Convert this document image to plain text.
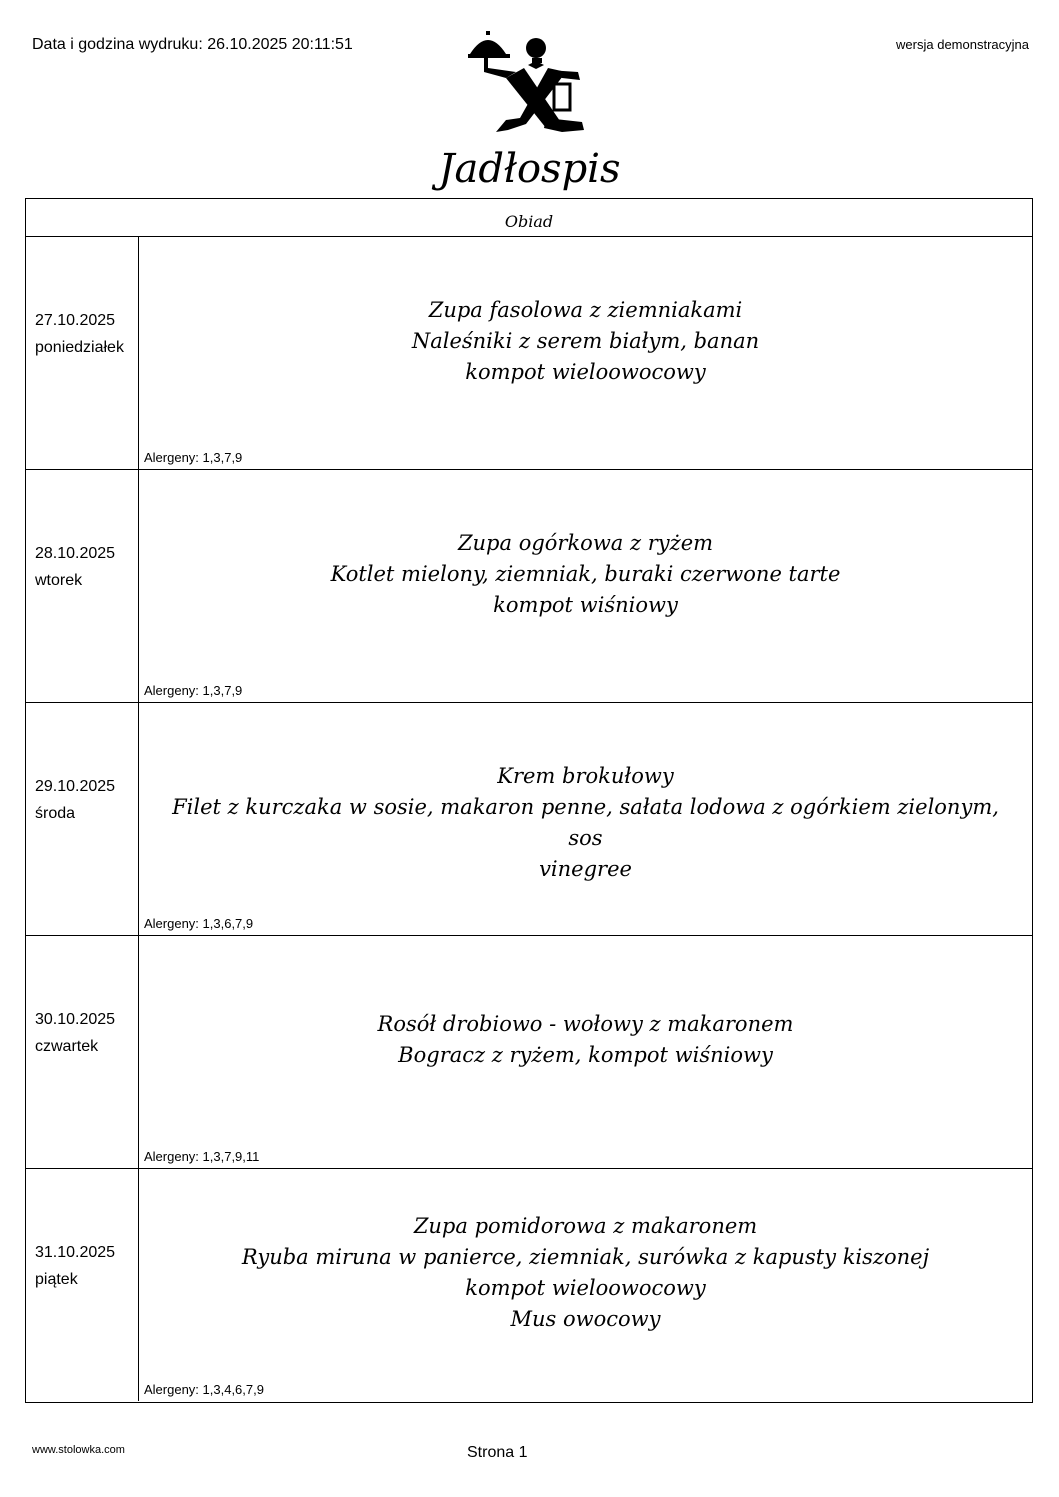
Data i godzina wydruku: 26.10.2025 20:11:51	wersja demonstracyjna
Jadłospis
Obiad
27.10.2025
poniedziałek
Zupa fasolowa z ziemniakami
Naleśniki z serem białym, banan
kompot wieloowocowy
Alergeny: 1,3,7,9
28.10.2025
wtorek
Zupa ogórkowa z ryżem
Kotlet mielony, ziemniak, buraki czerwone tarte
kompot wiśniowy
Alergeny: 1,3,7,9
29.10.2025
środa
Krem brokułowy
Filet z kurczaka w sosie, makaron penne, sałata lodowa z ogórkiem zielonym, sos
vinegree
Alergeny: 1,3,6,7,9
30.10.2025
czwartek
Rosół drobiowo - wołowy z makaronem
Bogracz z ryżem, kompot wiśniowy
Alergeny: 1,3,7,9,11
31.10.2025
piątek
Zupa pomidorowa z makaronem
Ryuba miruna w panierce, ziemniak, surówka z kapusty kiszonej
kompot wieloowocowy
Mus owocowy
Alergeny: 1,3,4,6,7,9
www.stolowka.com	Strona 1
